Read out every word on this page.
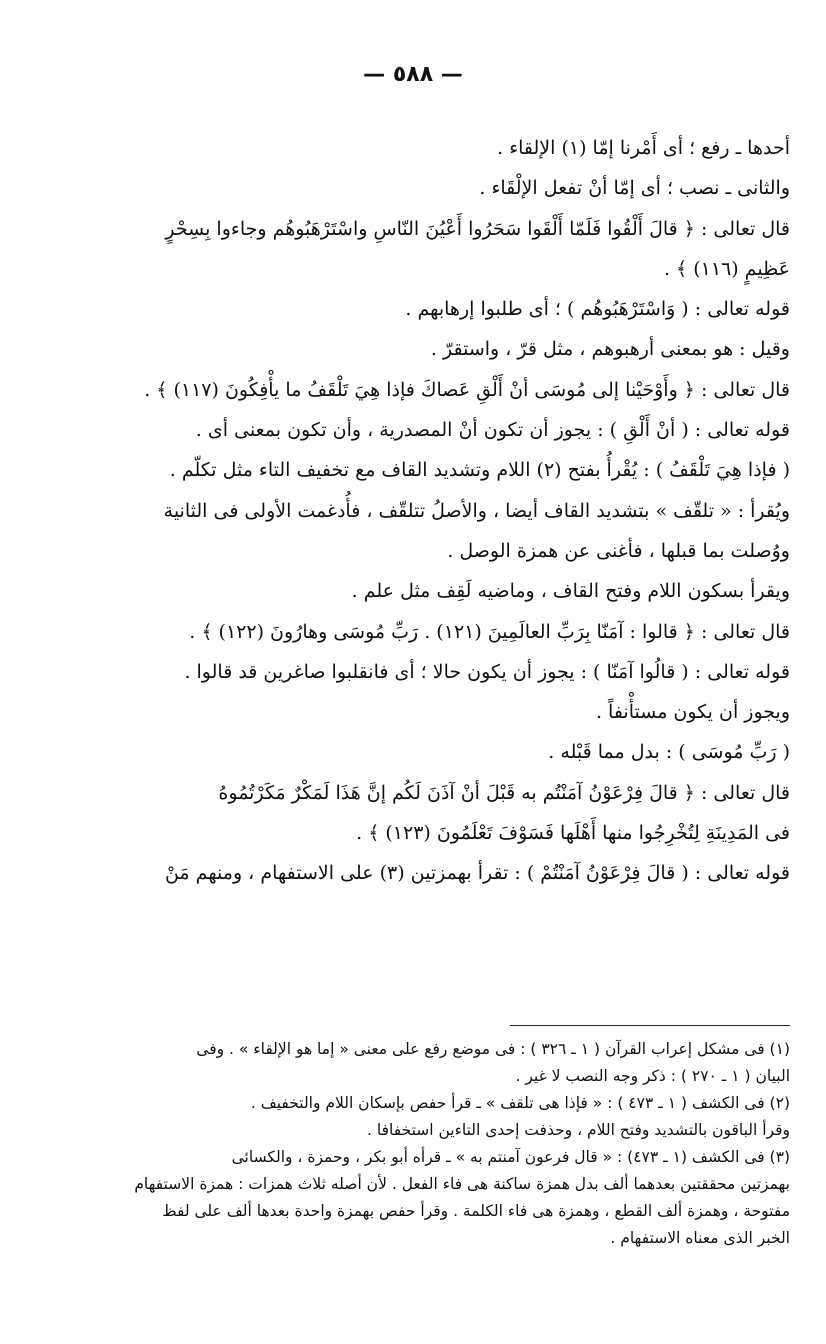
— ٥٨٨ —
أحدها ـ رفع ؛ أى أَمْرنا إمّا (١) الإلقاء .
والثانى ـ نصب ؛ أى إمّا أنْ تفعل الإلْقَاء .
قال تعالى : ﴿ قالَ أَلْقُوا فَلَمّا أَلْقَوا سَحَرُوا أَعْيُنَ النّاسِ واسْتَرْهَبُوهُم وجاءوا بِسِحْرٍ
عَظِيمٍ (١١٦) ﴾ .
قوله تعالى : ( وَاسْتَرْهَبُوهُم ) ؛ أى طلبوا إرهابهم .
وقيل : هو بمعنى أرهبوهم ، مثل قرّ ، واستقرّ .
قال تعالى : ﴿ وأَوْحَيْنا إلى مُوسَى أنْ أَلْقِ عَصاكَ فإذا هِيَ تَلْقَفُ ما يأْفِكُونَ (١١٧) ﴾ .
قوله تعالى : ( أنْ أَلْقِ ) : يجوز أن تكون أنْ المصدرية ، وأن تكون بمعنى أى .
( فإذا هِيَ تَلْقَفُ ) : يُقْرأُ بفتح (٢) اللام وتشديد القاف مع تخفيف التاء مثل تكلّم .
ويُقرأ : « تلقّف » بتشديد القاف أيضا ، والأصلُ تتلقّف ، فأُدغمت الأولى فى الثانية
ووُصلت بما قبلها ، فأغنى عن همزة الوصل .
ويقرأ بسكون اللام وفتح القاف ، وماضيه لَقِف مثل علم .
قال تعالى : ﴿ قالوا : آمَنّا بِرَبِّ العالَمِينَ (١٢١) . رَبِّ مُوسَى وهارُونَ (١٢٢) ﴾ .
قوله تعالى : ( قالُوا آمَنّا ) : يجوز أن يكون حالا ؛ أى فانقلبوا صاغرين قد قالوا .
ويجوز أن يكون مستأْنفاً .
( رَبِّ مُوسَى ) : بدل مما قَبْله .
قال تعالى : ﴿ قالَ فِرْعَوْنُ آمَنْتُم به قَبْلَ أنْ آذَنَ لَكُم إنَّ هَذَا لَمَكْرٌ مَكَرْتُمُوهُ
فى المَدِينَةِ لِتُخْرِجُوا منها أَهْلَها فَسَوْفَ تَعْلَمُونَ (١٢٣) ﴾ .
قوله تعالى : ( قالَ فِرْعَوْنُ آمَنْتُمْ ) : تقرأ بهمزتين (٣) على الاستفهام ، ومنهم مَنْ
(١) فى مشكل إعراب القرآن ( ١ ـ ٣٢٦ ) : فى موضع رفع على معنى « إما هو الإلقاء » . وفى
البيان ( ١ ـ ٢٧٠ ) : ذكر وجه النصب لا غير .
(٢) فى الكشف ( ١ ـ ٤٧٣ ) : « فإذا هى تلقف » ـ قرأ حفص بإسكان اللام والتخفيف .
وقرأ الباقون بالتشديد وفتح اللام ، وحذفت إحدى التاءين استخفافا .
(٣) فى الكشف (١ ـ ٤٧٣) : « قال فرعون آمنتم به » ـ قرأه أبو بكر ، وحمزة ، والكسائى
بهمزتين محققتين بعدهما ألف بدل همزة ساكنة هى فاء الفعل . لأن أصله ثلاث همزات : همزة الاستفهام
مفتوحة ، وهمزة ألف القطع ، وهمزة هى فاء الكلمة . وقرأ حفص بهمزة واحدة بعدها ألف على لفظ
الخبر الذى معناه الاستفهام .
